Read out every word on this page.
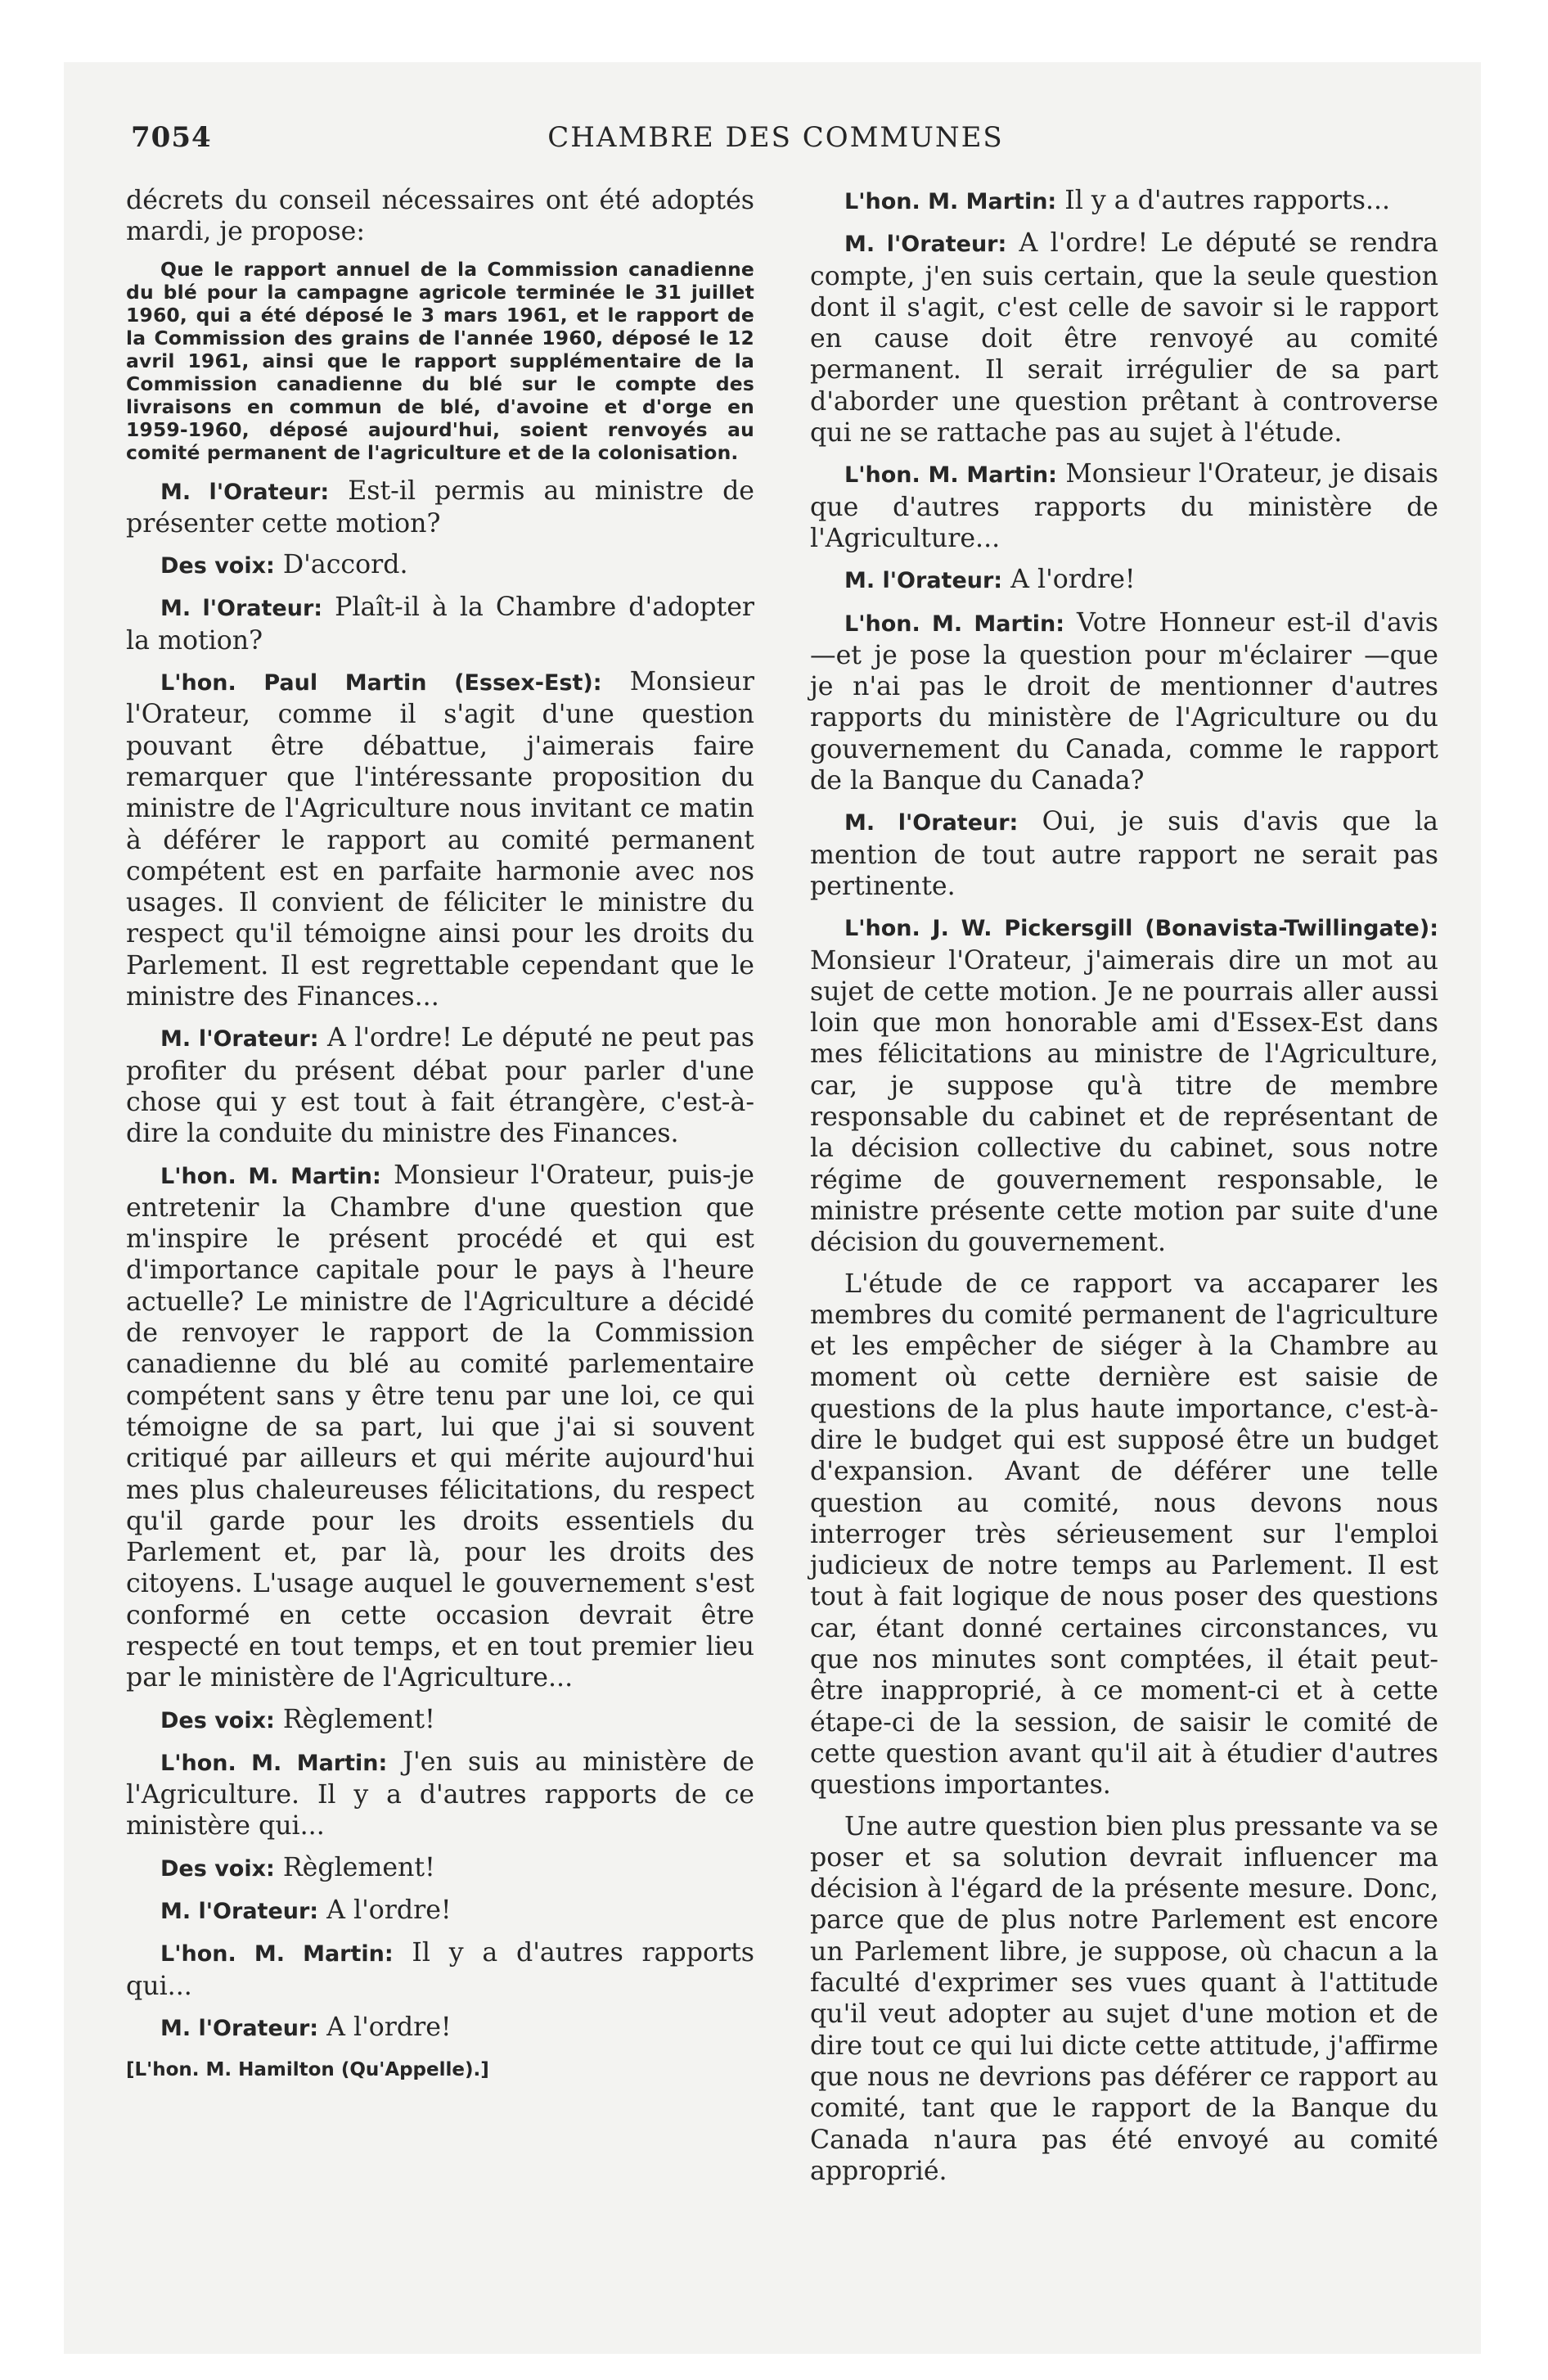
7054	CHAMBRE DES COMMUNES

décrets du conseil nécessaires ont été adoptés mardi, je propose:

Que le rapport annuel de la Commission canadienne du blé pour la campagne agricole terminée le 31 juillet 1960, qui a été déposé le 3 mars 1961, et le rapport de la Commission des grains de l'année 1960, déposé le 12 avril 1961, ainsi que le rapport supplémentaire de la Commission canadienne du blé sur le compte des livraisons en commun de blé, d'avoine et d'orge en 1959-1960, déposé aujourd'hui, soient renvoyés au comité permanent de l'agriculture et de la colonisation.

M. l'Orateur: Est-il permis au ministre de présenter cette motion?

Des voix: D'accord.

M. l'Orateur: Plaît-il à la Chambre d'adopter la motion?

L'hon. Paul Martin (Essex-Est): Monsieur l'Orateur, comme il s'agit d'une question pouvant être débattue, j'aimerais faire remarquer que l'intéressante proposition du ministre de l'Agriculture nous invitant ce matin à déférer le rapport au comité permanent compétent est en parfaite harmonie avec nos usages. Il convient de féliciter le ministre du respect qu'il témoigne ainsi pour les droits du Parlement. Il est regrettable cependant que le ministre des Finances...

M. l'Orateur: A l'ordre! Le député ne peut pas profiter du présent débat pour parler d'une chose qui y est tout à fait étrangère, c'est-à-dire la conduite du ministre des Finances.

L'hon. M. Martin: Monsieur l'Orateur, puis-je entretenir la Chambre d'une question que m'inspire le présent procédé et qui est d'importance capitale pour le pays à l'heure actuelle? Le ministre de l'Agriculture a décidé de renvoyer le rapport de la Commission canadienne du blé au comité parlementaire compétent sans y être tenu par une loi, ce qui témoigne de sa part, lui que j'ai si souvent critiqué par ailleurs et qui mérite aujourd'hui mes plus chaleureuses félicitations, du respect qu'il garde pour les droits essentiels du Parlement et, par là, pour les droits des citoyens. L'usage auquel le gouvernement s'est conformé en cette occasion devrait être respecté en tout temps, et en tout premier lieu par le ministère de l'Agriculture...

Des voix: Règlement!

L'hon. M. Martin: J'en suis au ministère de l'Agriculture. Il y a d'autres rapports de ce ministère qui...

Des voix: Règlement!

M. l'Orateur: A l'ordre!

L'hon. M. Martin: Il y a d'autres rapports qui...

M. l'Orateur: A l'ordre!

[L'hon. M. Hamilton (Qu'Appelle).]

L'hon. M. Martin: Il y a d'autres rapports...

M. l'Orateur: A l'ordre! Le député se rendra compte, j'en suis certain, que la seule question dont il s'agit, c'est celle de savoir si le rapport en cause doit être renvoyé au comité permanent. Il serait irrégulier de sa part d'aborder une question prêtant à controverse qui ne se rattache pas au sujet à l'étude.

L'hon. M. Martin: Monsieur l'Orateur, je disais que d'autres rapports du ministère de l'Agriculture...

M. l'Orateur: A l'ordre!

L'hon. M. Martin: Votre Honneur est-il d'avis—et je pose la question pour m'éclairer —que je n'ai pas le droit de mentionner d'autres rapports du ministère de l'Agriculture ou du gouvernement du Canada, comme le rapport de la Banque du Canada?

M. l'Orateur: Oui, je suis d'avis que la mention de tout autre rapport ne serait pas pertinente.

L'hon. J. W. Pickersgill (Bonavista-Twillingate): Monsieur l'Orateur, j'aimerais dire un mot au sujet de cette motion. Je ne pourrais aller aussi loin que mon honorable ami d'Essex-Est dans mes félicitations au ministre de l'Agriculture, car, je suppose qu'à titre de membre responsable du cabinet et de représentant de la décision collective du cabinet, sous notre régime de gouvernement responsable, le ministre présente cette motion par suite d'une décision du gouvernement.

L'étude de ce rapport va accaparer les membres du comité permanent de l'agriculture et les empêcher de siéger à la Chambre au moment où cette dernière est saisie de questions de la plus haute importance, c'est-à-dire le budget qui est supposé être un budget d'expansion. Avant de déférer une telle question au comité, nous devons nous interroger très sérieusement sur l'emploi judicieux de notre temps au Parlement. Il est tout à fait logique de nous poser des questions car, étant donné certaines circonstances, vu que nos minutes sont comptées, il était peut-être inapproprié, à ce moment-ci et à cette étape-ci de la session, de saisir le comité de cette question avant qu'il ait à étudier d'autres questions importantes.

Une autre question bien plus pressante va se poser et sa solution devrait influencer ma décision à l'égard de la présente mesure. Donc, parce que de plus notre Parlement est encore un Parlement libre, je suppose, où chacun a la faculté d'exprimer ses vues quant à l'attitude qu'il veut adopter au sujet d'une motion et de dire tout ce qui lui dicte cette attitude, j'affirme que nous ne devrions pas déférer ce rapport au comité, tant que le rapport de la Banque du Canada n'aura pas été envoyé au comité approprié.
